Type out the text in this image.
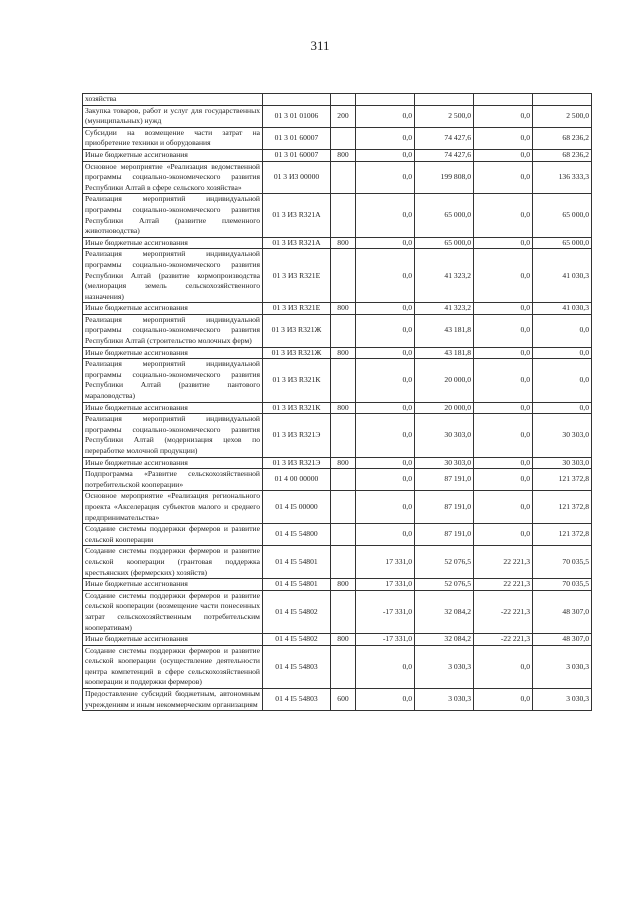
311
хозяйства						
Закупка товаров, работ и услуг для государственных (муниципальных) нужд	01 3 01 01006	200	0,0	2 500,0	0,0	2 500,0
Субсидии на возмещение части затрат на приобретение техники и оборудования	01 3 01 60007		0,0	74 427,6	0,0	68 236,2
Иные бюджетные ассигнования	01 3 01 60007	800	0,0	74 427,6	0,0	68 236,2
Основное мероприятие «Реализация ведомственной программы социально-экономического развития Республики Алтай в сфере сельского хозяйства»	01 3 И3 00000		0,0	199 808,0	0,0	136 333,3
Реализация мероприятий индивидуальной программы социально-экономического развития Республики Алтай (развитие племенного животноводства)	01 3 И3 R321A		0,0	65 000,0	0,0	65 000,0
Иные бюджетные ассигнования	01 3 И3 R321A	800	0,0	65 000,0	0,0	65 000,0
Реализация мероприятий индивидуальной программы социально-экономического развития Республики Алтай (развитие кормопроизводства (мелиорация земель сельскохозяйственного назначения)	01 3 И3 R321E		0,0	41 323,2	0,0	41 030,3
Иные бюджетные ассигнования	01 3 И3 R321E	800	0,0	41 323,2	0,0	41 030,3
Реализация мероприятий индивидуальной программы социально-экономического развития Республики Алтай (строительство молочных ферм)	01 3 И3 R321Ж		0,0	43 181,8	0,0	0,0
Иные бюджетные ассигнования	01 3 И3 R321Ж	800	0,0	43 181,8	0,0	0,0
Реализация мероприятий индивидуальной программы социально-экономического развития Республики Алтай (развитие пантового мараловодства)	01 3 И3 R321К		0,0	20 000,0	0,0	0,0
Иные бюджетные ассигнования	01 3 И3 R321К	800	0,0	20 000,0	0,0	0,0
Реализация мероприятий индивидуальной программы социально-экономического развития Республики Алтай (модернизация цехов по переработке молочной продукции)	01 3 И3 R321Э		0,0	30 303,0	0,0	30 303,0
Иные бюджетные ассигнования	01 3 И3 R321Э	800	0,0	30 303,0	0,0	30 303,0
Подпрограмма «Развитие сельскохозяйственной потребительской кооперации»	01 4 00 00000		0,0	87 191,0	0,0	121 372,8
Основное мероприятие «Реализация регионального проекта «Акселерация субъектов малого и среднего предпринимательства»	01 4 I5 00000		0,0	87 191,0	0,0	121 372,8
Создание системы поддержки фермеров и развитие сельской кооперации	01 4 I5 54800		0,0	87 191,0	0,0	121 372,8
Создание системы поддержки фермеров и развитие сельской кооперации (грантовая поддержка крестьянских (фермерских) хозяйств)	01 4 I5 54801		17 331,0	52 076,5	22 221,3	70 035,5
Иные бюджетные ассигнования	01 4 I5 54801	800	17 331,0	52 076,5	22 221,3	70 035,5
Создание системы поддержки фермеров и развитие сельской кооперации (возмещение части понесенных затрат сельскохозяйственным потребительским кооперативам)	01 4 I5 54802		-17 331,0	32 084,2	-22 221,3	48 307,0
Иные бюджетные ассигнования	01 4 I5 54802	800	-17 331,0	32 084,2	-22 221,3	48 307,0
Создание системы поддержки фермеров и развитие сельской кооперации (осуществление деятельности центра компетенций в сфере сельскохозяйственной кооперации и поддержки фермеров)	01 4 I5 54803		0,0	3 030,3	0,0	3 030,3
Предоставление субсидий бюджетным, автономным учреждениям и иным некоммерческим организациям	01 4 I5 54803	600	0,0	3 030,3	0,0	3 030,3
